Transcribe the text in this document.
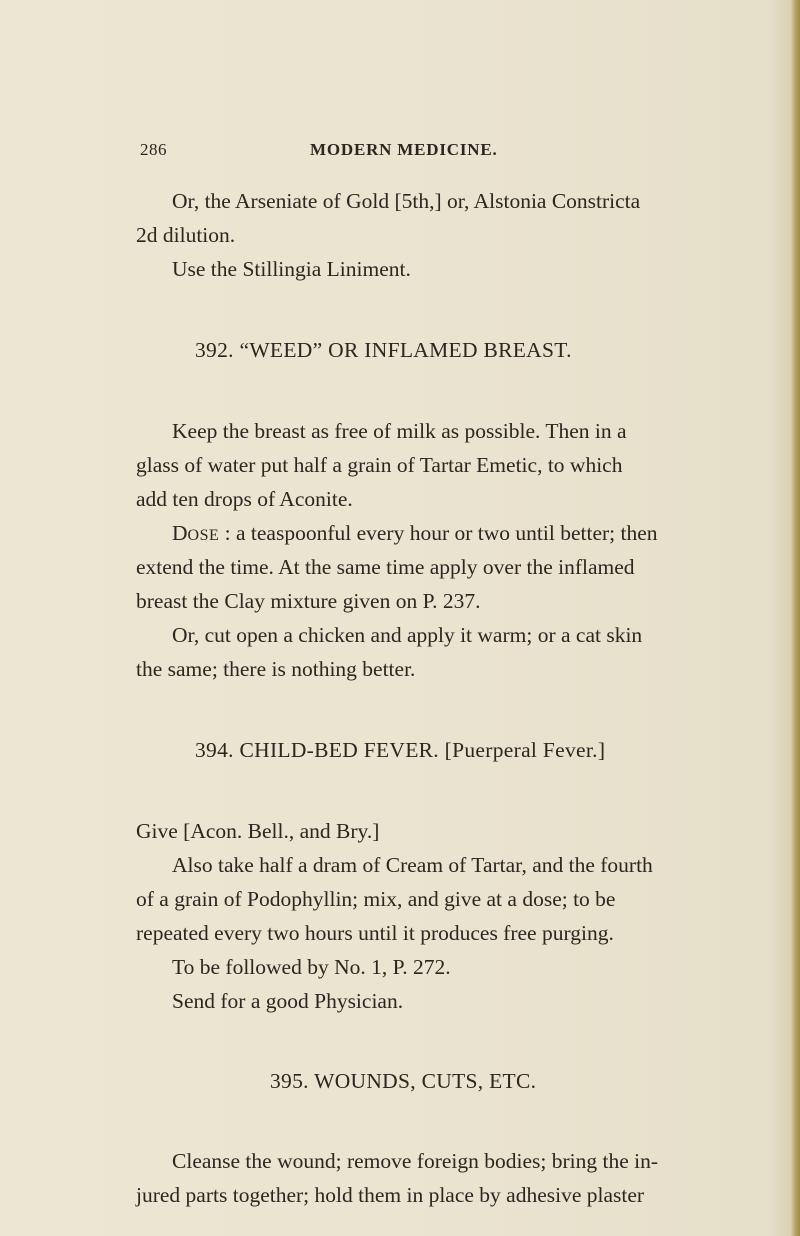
286	MODERN MEDICINE.
Or, the Arseniate of Gold [5th,] or, Alstonia Constricta
2d dilution.
Use the Stillingia Liniment.
392. “WEED” OR INFLAMED BREAST.
Keep the breast as free of milk as possible. Then in a
glass of water put half a grain of Tartar Emetic, to which
add ten drops of Aconite.
DOSE : a teaspoonful every hour or two until better; then
extend the time. At the same time apply over the inflamed
breast the Clay mixture given on P. 237.
Or, cut open a chicken and apply it warm; or a cat skin
the same; there is nothing better.
394. CHILD-BED FEVER. [Puerperal Fever.]
Give [Acon. Bell., and Bry.]
Also take half a dram of Cream of Tartar, and the fourth
of a grain of Podophyllin; mix, and give at a dose; to be
repeated every two hours until it produces free purging.
To be followed by No. 1, P. 272.
Send for a good Physician.
395. WOUNDS, CUTS, ETC.
Cleanse the wound; remove foreign bodies; bring the in-
jured parts together; hold them in place by adhesive plaster
